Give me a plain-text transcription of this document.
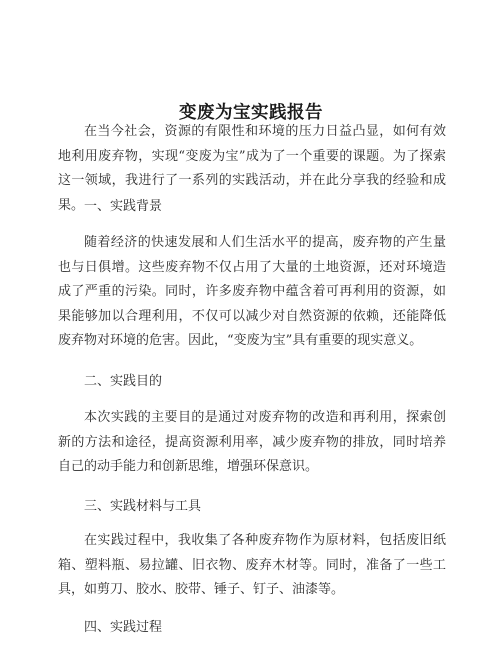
变废为宝实践报告

在当今社会，资源的有限性和环境的压力日益凸显，如何有效地利用废弃物，实现“变废为宝”成为了一个重要的课题。为了探索这一领域，我进行了一系列的实践活动，并在此分享我的经验和成果。 一、实践背景

随着经济的快速发展和人们生活水平的提高，废弃物的产生量也与日俱增。这些废弃物不仅占用了大量的土地资源，还对环境造成了严重的污染。同时，许多废弃物中蕴含着可再利用的资源，如果能够加以合理利用，不仅可以减少对自然资源的依赖，还能降低废弃物对环境的危害。因此，“变废为宝”具有重要的现实意义。

二、实践目的

本次实践的主要目的是通过对废弃物的改造和再利用，探索创新的方法和途径，提高资源利用率，减少废弃物的排放，同时培养自己的动手能力和创新思维，增强环保意识。

三、实践材料与工具

在实践过程中，我收集了各种废弃物作为原材料，包括废旧纸箱、塑料瓶、易拉罐、旧衣物、废弃木材等。同时，准备了一些工具，如剪刀、胶水、胶带、锤子、钉子、油漆等。

四、实践过程
